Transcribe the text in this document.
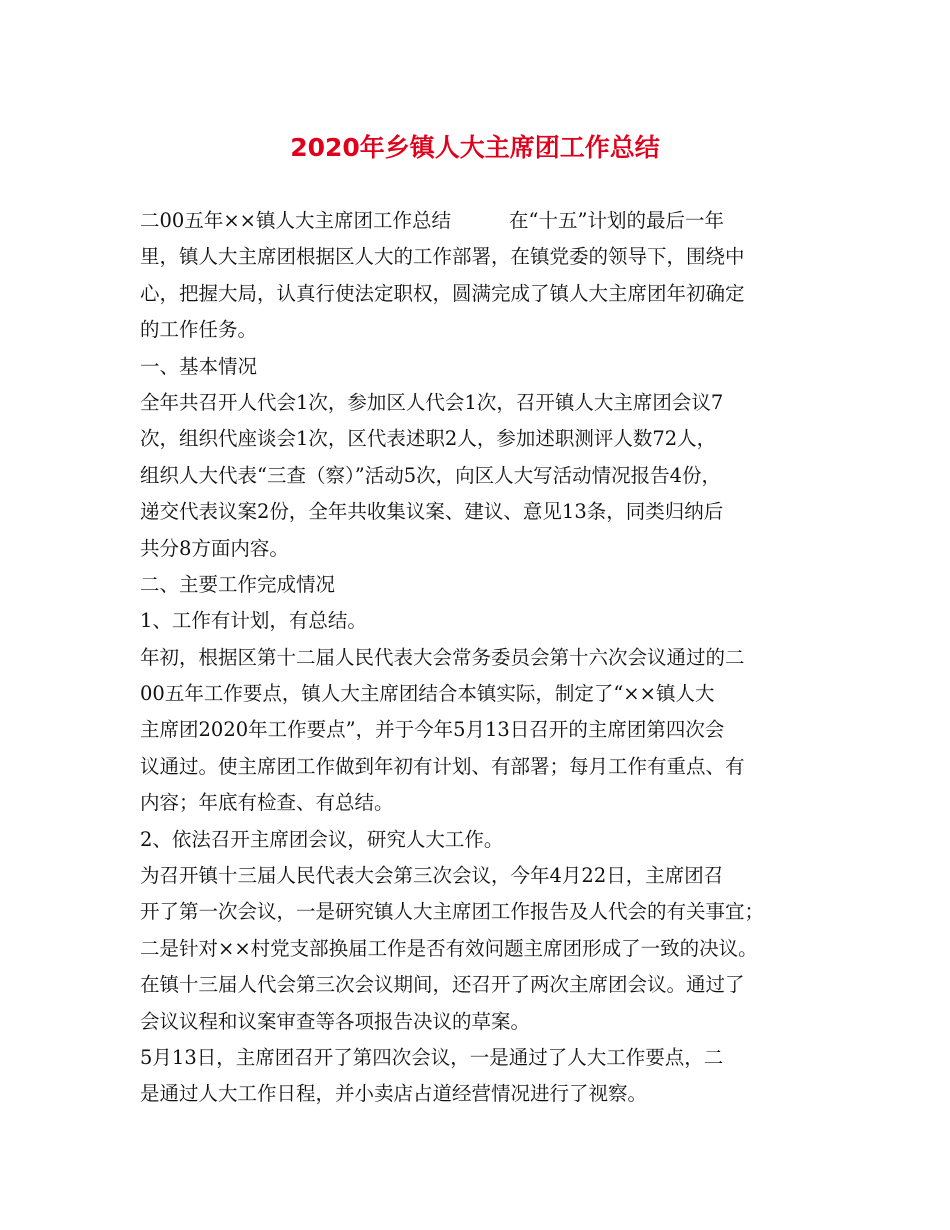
2020年乡镇人大主席团工作总结
二00五年××镇人大主席团工作总结	在“十五”计划的最后一年
里，镇人大主席团根据区人大的工作部署，在镇党委的领导下，围绕中
心，把握大局，认真行使法定职权，圆满完成了镇人大主席团年初确定
的工作任务。
一、基本情况
全年共召开人代会1次，参加区人代会1次，召开镇人大主席团会议7
次，组织代座谈会1次，区代表述职2人，参加述职测评人数72人，
组织人大代表“三查（察）”活动5次，向区人大写活动情况报告4份，
递交代表议案2份，全年共收集议案、建议、意见13条，同类归纳后
共分8方面内容。
二、主要工作完成情况
1、工作有计划，有总结。
年初，根据区第十二届人民代表大会常务委员会第十六次会议通过的二
00五年工作要点，镇人大主席团结合本镇实际，制定了“××镇人大
主席团2020年工作要点”，并于今年5月13日召开的主席团第四次会
议通过。使主席团工作做到年初有计划、有部署；每月工作有重点、有
内容；年底有检查、有总结。
2、依法召开主席团会议，研究人大工作。
为召开镇十三届人民代表大会第三次会议，今年4月22日，主席团召
开了第一次会议，一是研究镇人大主席团工作报告及人代会的有关事宜；
二是针对××村党支部换届工作是否有效问题主席团形成了一致的决议。
在镇十三届人代会第三次会议期间，还召开了两次主席团会议。通过了
会议议程和议案审查等各项报告决议的草案。
5月13日，主席团召开了第四次会议，一是通过了人大工作要点，二
是通过人大工作日程，并小卖店占道经营情况进行了视察。
